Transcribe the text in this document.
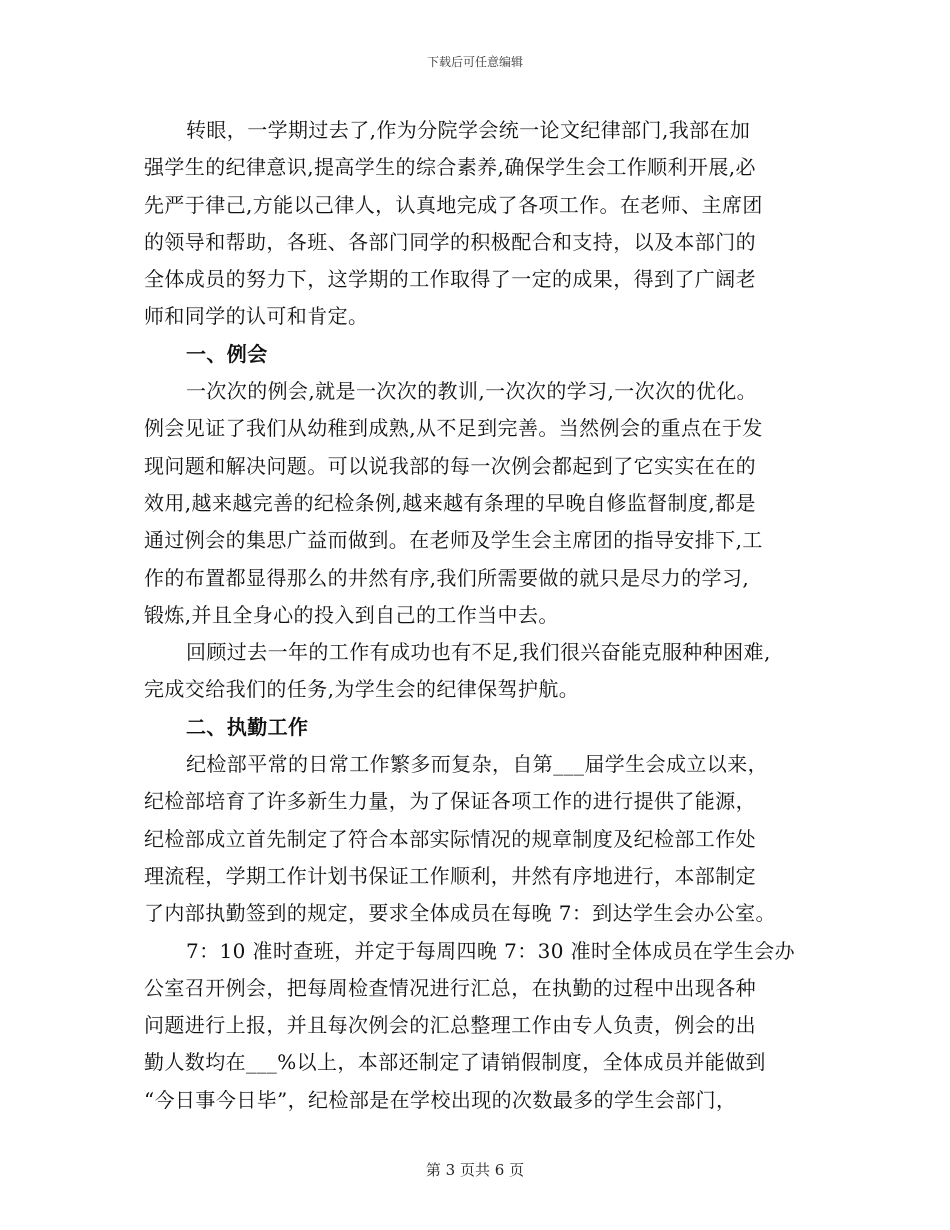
下载后可任意编辑
转眼，一学期过去了,作为分院学会统一论文纪律部门,我部在加
强学生的纪律意识,提高学生的综合素养,确保学生会工作顺利开展,必
先严于律己,方能以己律人，认真地完成了各项工作。在老师、主席团
的领导和帮助，各班、各部门同学的积极配合和支持，以及本部门的
全体成员的努力下，这学期的工作取得了一定的成果，得到了广阔老
师和同学的认可和肯定。
一、例会
一次次的例会,就是一次次的教训,一次次的学习,一次次的优化。
例会见证了我们从幼稚到成熟,从不足到完善。当然例会的重点在于发
现问题和解决问题。可以说我部的每一次例会都起到了它实实在在的
效用,越来越完善的纪检条例,越来越有条理的早晚自修监督制度,都是
通过例会的集思广益而做到。在老师及学生会主席团的指导安排下,工
作的布置都显得那么的井然有序,我们所需要做的就只是尽力的学习,
锻炼,并且全身心的投入到自己的工作当中去。
回顾过去一年的工作有成功也有不足,我们很兴奋能克服种种困难,
完成交给我们的任务,为学生会的纪律保驾护航。
二、执勤工作
纪检部平常的日常工作繁多而复杂，自第___届学生会成立以来，
纪检部培育了许多新生力量，为了保证各项工作的进行提供了能源，
纪检部成立首先制定了符合本部实际情况的规章制度及纪检部工作处
理流程，学期工作计划书保证工作顺利，井然有序地进行，本部制定
了内部执勤签到的规定，要求全体成员在每晚 7：到达学生会办公室。
7：10 准时查班，并定于每周四晚 7：30 准时全体成员在学生会办
公室召开例会，把每周检查情况进行汇总，在执勤的过程中出现各种
问题进行上报，并且每次例会的汇总整理工作由专人负责，例会的出
勤人数均在___%以上，本部还制定了请销假制度，全体成员并能做到
“今日事今日毕”，纪检部是在学校出现的次数最多的学生会部门，
第 3 页共 6 页
